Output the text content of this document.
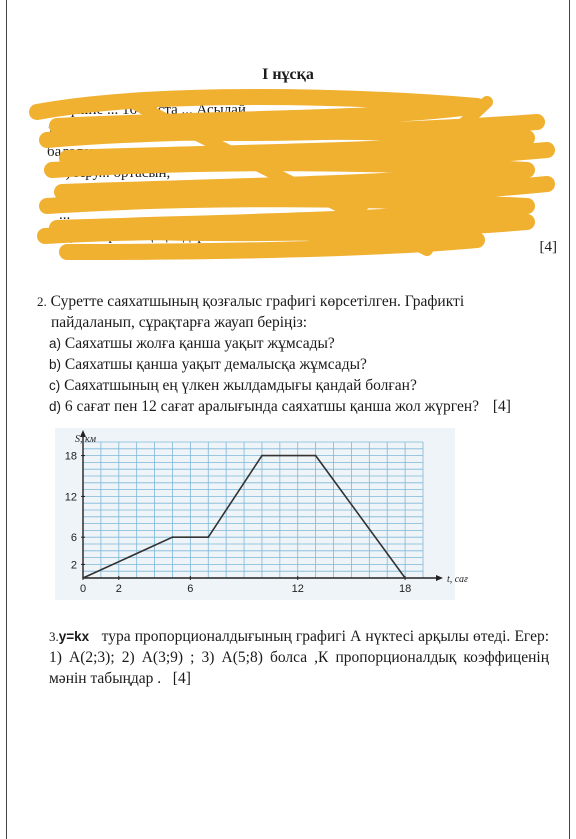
І нұсқа
ын үйіне ... 16 жаста ... Асылай
13 жаста, Аружан 12 жаста,Ғалғаным 10 жаста. Жарысқа қатысқан
балалар ...
а) Ару... ортасын,
в) М...дасын:
...
...) Өзгеріс ... қаңыздар.
[4]
2. Суретте саяхатшының қозғалыс графигі көрсетілген. Графикті
пайдаланып, сұрақтарға жауап беріңіз:
a) Саяхатшы жолға қанша уақыт жұмсады?
b) Саяхатшы қанша уақыт демалысқа жұмсады?
c) Саяхатшының ең үлкен жылдамдығы қандай болған?
d) 6 сағат пен 12 сағат аралығында саяхатшы қанша жол жүрген? [4]
0	2	6	12	18
2
6
12
18
S, км
t, сағ
3.y=kx тура пропорционалдығының графигі А нүктесі арқылы өтеді. Егер: 1) А(2;3); 2) А(3;9) ; 3) А(5;8) болса ,К пропорционалдық коэффиценің мәнін табыңдар . [4]
